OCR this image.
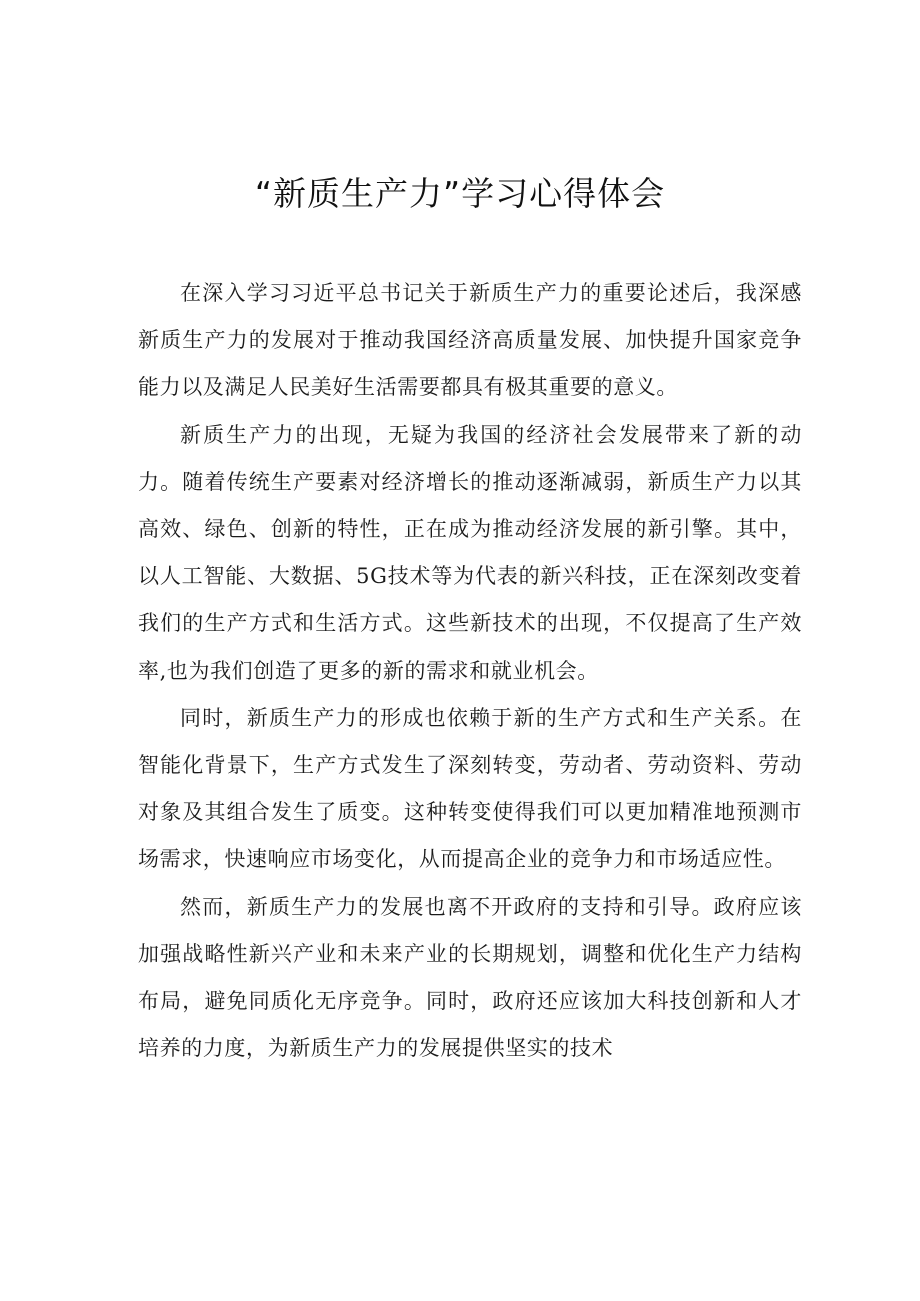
“新质生产力”学习心得体会

在深入学习习近平总书记关于新质生产力的重要论述后，我深感新质生产力的发展对于推动我国经济高质量发展、加快提升国家竞争能力以及满足人民美好生活需要都具有极其重要的意义。

新质生产力的出现，无疑为我国的经济社会发展带来了新的动力。随着传统生产要素对经济增长的推动逐渐减弱，新质生产力以其高效、绿色、创新的特性，正在成为推动经济发展的新引擎。其中，以人工智能、大数据、5G技术等为代表的新兴科技，正在深刻改变着我们的生产方式和生活方式。这些新技术的出现，不仅提高了生产效率,也为我们创造了更多的新的需求和就业机会。

同时，新质生产力的形成也依赖于新的生产方式和生产关系。在智能化背景下，生产方式发生了深刻转变，劳动者、劳动资料、劳动对象及其组合发生了质变。这种转变使得我们可以更加精准地预测市场需求，快速响应市场变化，从而提高企业的竞争力和市场适应性。

然而，新质生产力的发展也离不开政府的支持和引导。政府应该加强战略性新兴产业和未来产业的长期规划，调整和优化生产力结构布局，避免同质化无序竞争。同时，政府还应该加大科技创新和人才培养的力度，为新质生产力的发展提供坚实的技术
